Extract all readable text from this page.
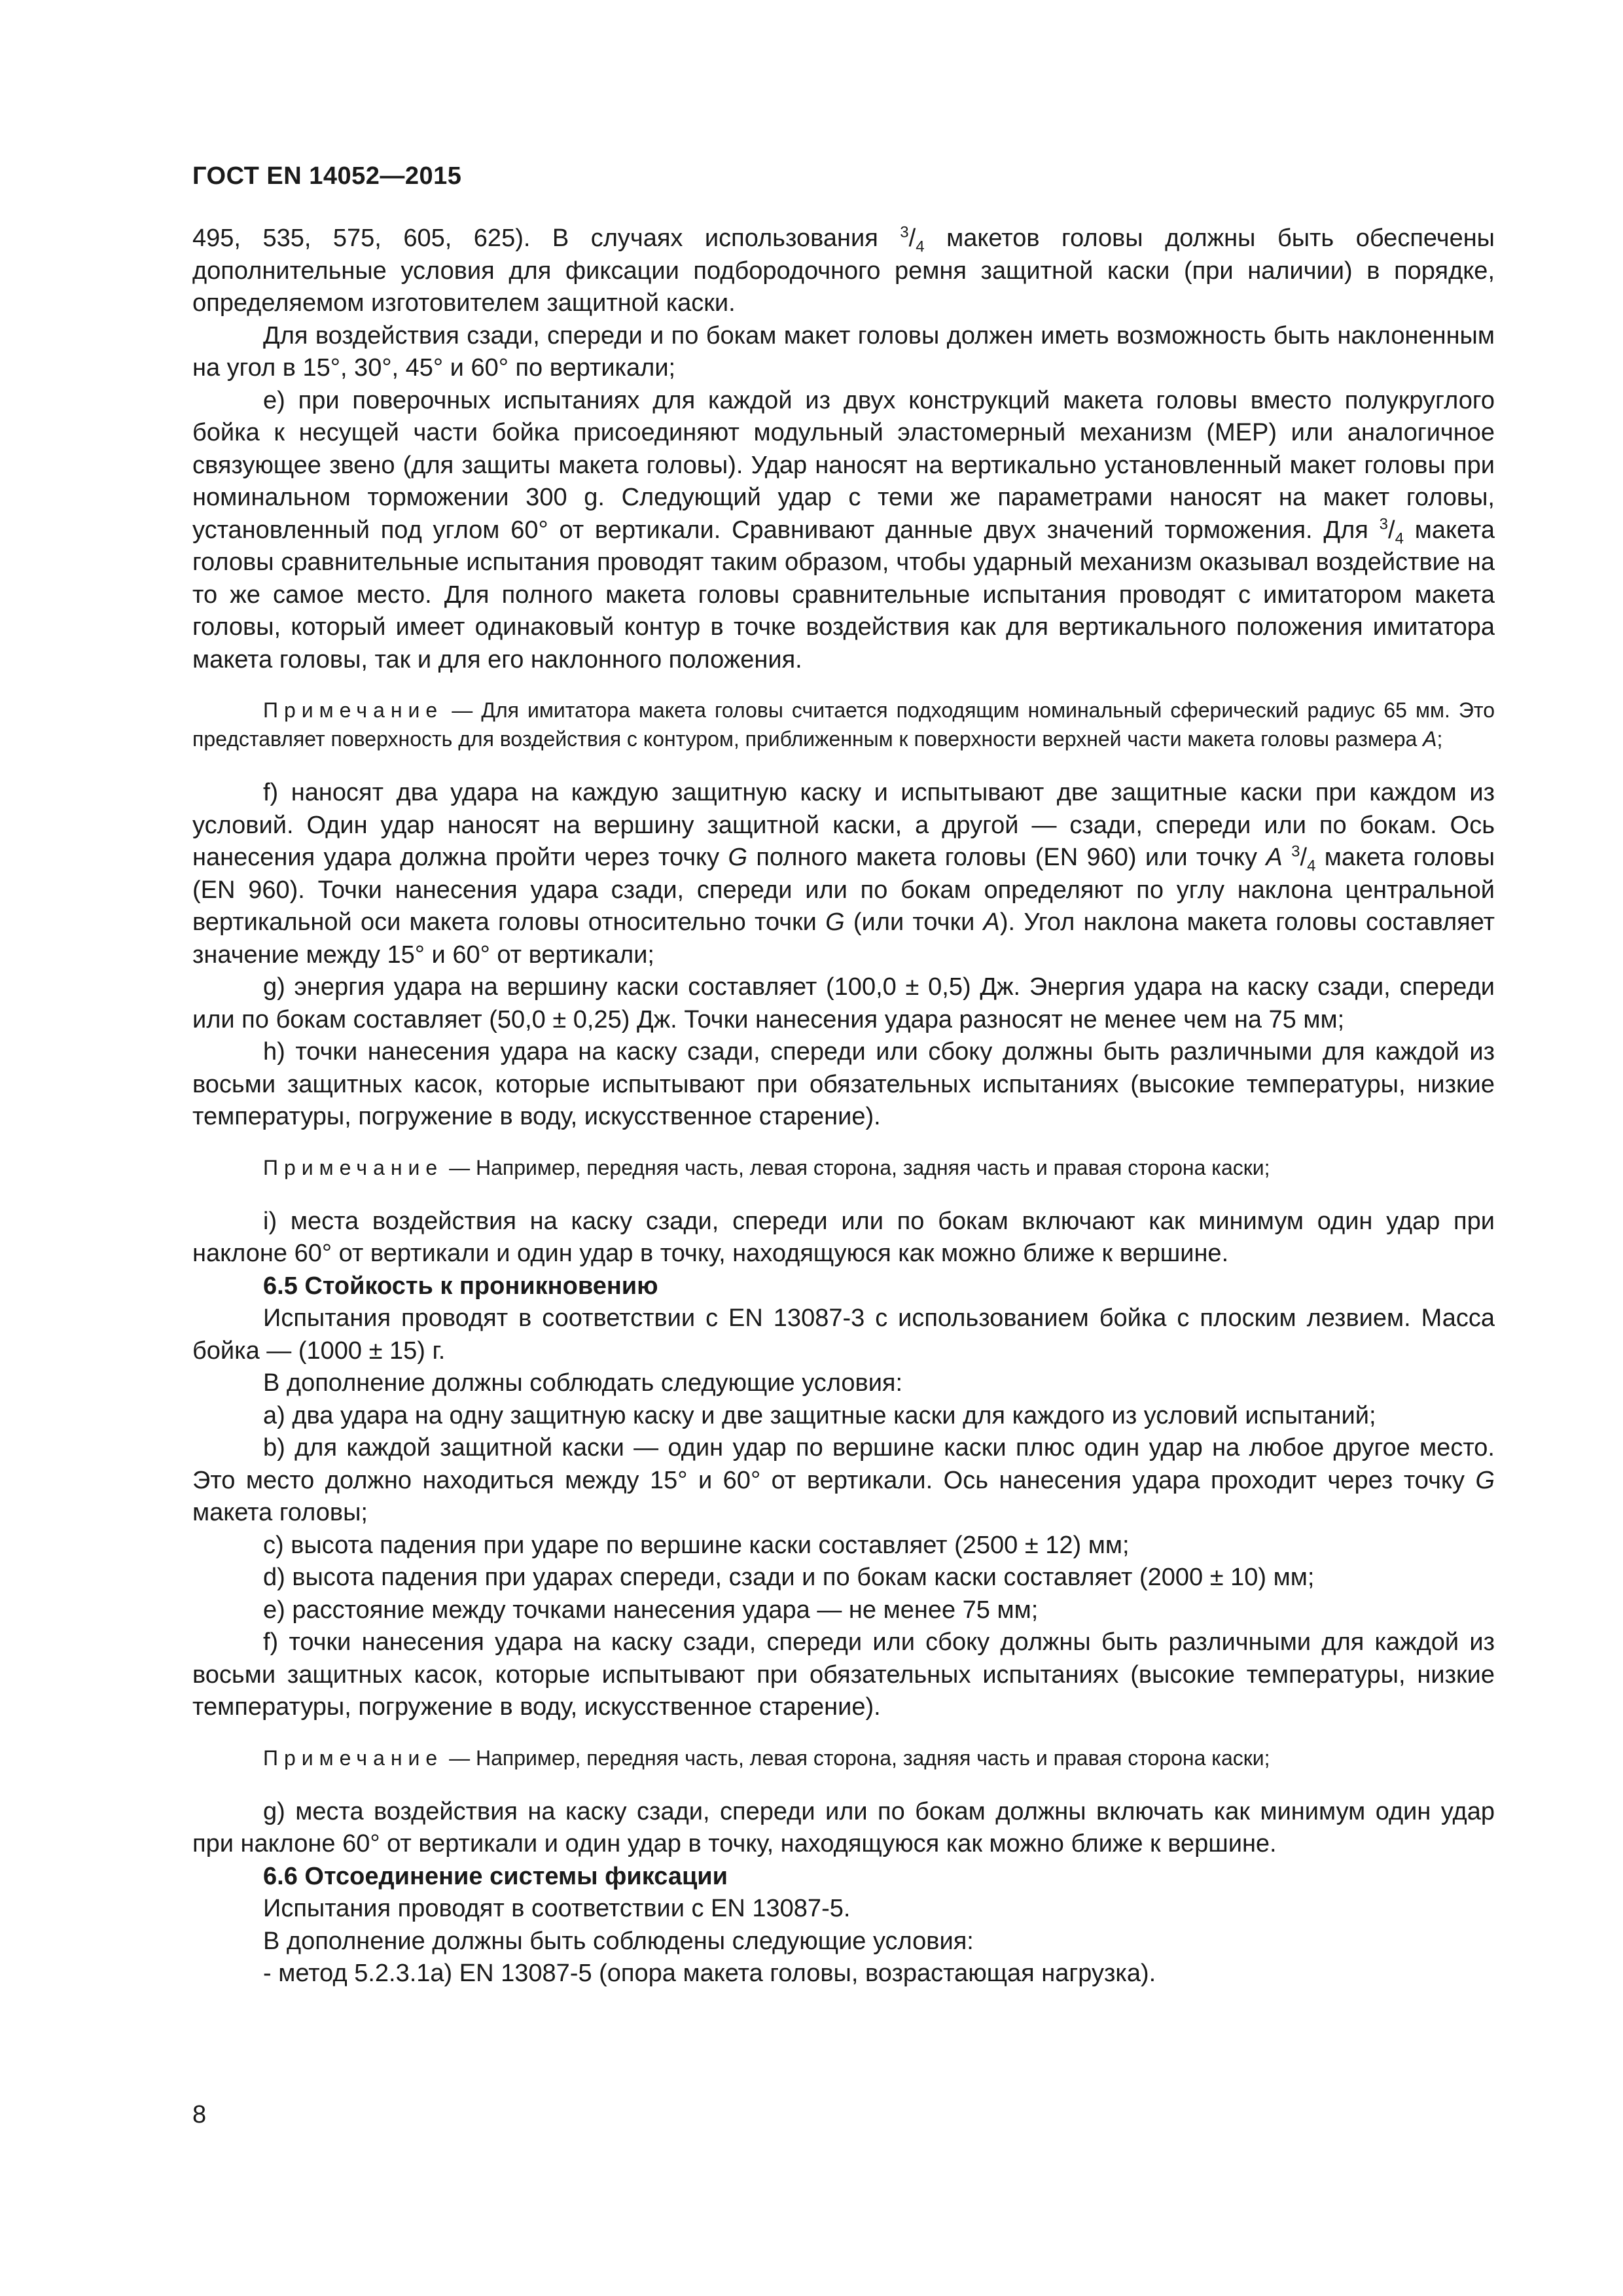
ГОСТ EN 14052—2015

495, 535, 575, 605, 625). В случаях использования $^3/_4$ макетов головы должны быть обеспечены дополнительные условия для фиксации подбородочного ремня защитной каски (при наличии) в порядке, определяемом изготовителем защитной каски.

Для воздействия сзади, спереди и по бокам макет головы должен иметь возможность быть наклоненным на угол в 15°, 30°, 45° и 60° по вертикали;

e) при поверочных испытаниях для каждой из двух конструкций макета головы вместо полукруглого бойка к несущей части бойка присоединяют модульный эластомерный механизм (МЕР) или аналогичное связующее звено (для защиты макета головы). Удар наносят на вертикально установленный макет головы при номинальном торможении 300 g. Следующий удар с теми же параметрами наносят на макет головы, установленный под углом 60° от вертикали. Сравнивают данные двух значений торможения. Для $^3/_4$ макета головы сравнительные испытания проводят таким образом, чтобы ударный механизм оказывал воздействие на то же самое место. Для полного макета головы сравнительные испытания проводят с имитатором макета головы, который имеет одинаковый контур в точке воздействия как для вертикального положения имитатора макета головы, так и для его наклонного положения.

Примечание — Для имитатора макета головы считается подходящим номинальный сферический радиус 65 мм. Это представляет поверхность для воздействия с контуром, приближенным к поверхности верхней части макета головы размера A;

f) наносят два удара на каждую защитную каску и испытывают две защитные каски при каждом из условий. Один удар наносят на вершину защитной каски, а другой — сзади, спереди или по бокам. Ось нанесения удара должна пройти через точку G полного макета головы (EN 960) или точку A $^3/_4$ макета головы (EN 960). Точки нанесения удара сзади, спереди или по бокам определяют по углу наклона центральной вертикальной оси макета головы относительно точки G (или точки A). Угол наклона макета головы составляет значение между 15° и 60° от вертикали;

g) энергия удара на вершину каски составляет (100,0 ± 0,5) Дж. Энергия удара на каску сзади, спереди или по бокам составляет (50,0 ± 0,25) Дж. Точки нанесения удара разносят не менее чем на 75 мм;

h) точки нанесения удара на каску сзади, спереди или сбоку должны быть различными для каждой из восьми защитных касок, которые испытывают при обязательных испытаниях (высокие температуры, низкие температуры, погружение в воду, искусственное старение).

Примечание — Например, передняя часть, левая сторона, задняя часть и правая сторона каски;

i) места воздействия на каску сзади, спереди или по бокам включают как минимум один удар при наклоне 60° от вертикали и один удар в точку, находящуюся как можно ближе к вершине.

6.5 Стойкость к проникновению

Испытания проводят в соответствии с EN 13087-3 с использованием бойка с плоским лезвием. Масса бойка — (1000 ± 15) г.

В дополнение должны соблюдать следующие условия:

a) два удара на одну защитную каску и две защитные каски для каждого из условий испытаний;

b) для каждой защитной каски — один удар по вершине каски плюс один удар на любое другое место. Это место должно находиться между 15° и 60° от вертикали. Ось нанесения удара проходит через точку G макета головы;

c) высота падения при ударе по вершине каски составляет (2500 ± 12) мм;

d) высота падения при ударах спереди, сзади и по бокам каски составляет (2000 ± 10) мм;

e) расстояние между точками нанесения удара — не менее 75 мм;

f) точки нанесения удара на каску сзади, спереди или сбоку должны быть различными для каждой из восьми защитных касок, которые испытывают при обязательных испытаниях (высокие температуры, низкие температуры, погружение в воду, искусственное старение).

Примечание — Например, передняя часть, левая сторона, задняя часть и правая сторона каски;

g) места воздействия на каску сзади, спереди или по бокам должны включать как минимум один удар при наклоне 60° от вертикали и один удар в точку, находящуюся как можно ближе к вершине.

6.6 Отсоединение системы фиксации

Испытания проводят в соответствии с EN 13087-5.

В дополнение должны быть соблюдены следующие условия:

- метод 5.2.3.1a) EN 13087-5 (опора макета головы, возрастающая нагрузка).

8
